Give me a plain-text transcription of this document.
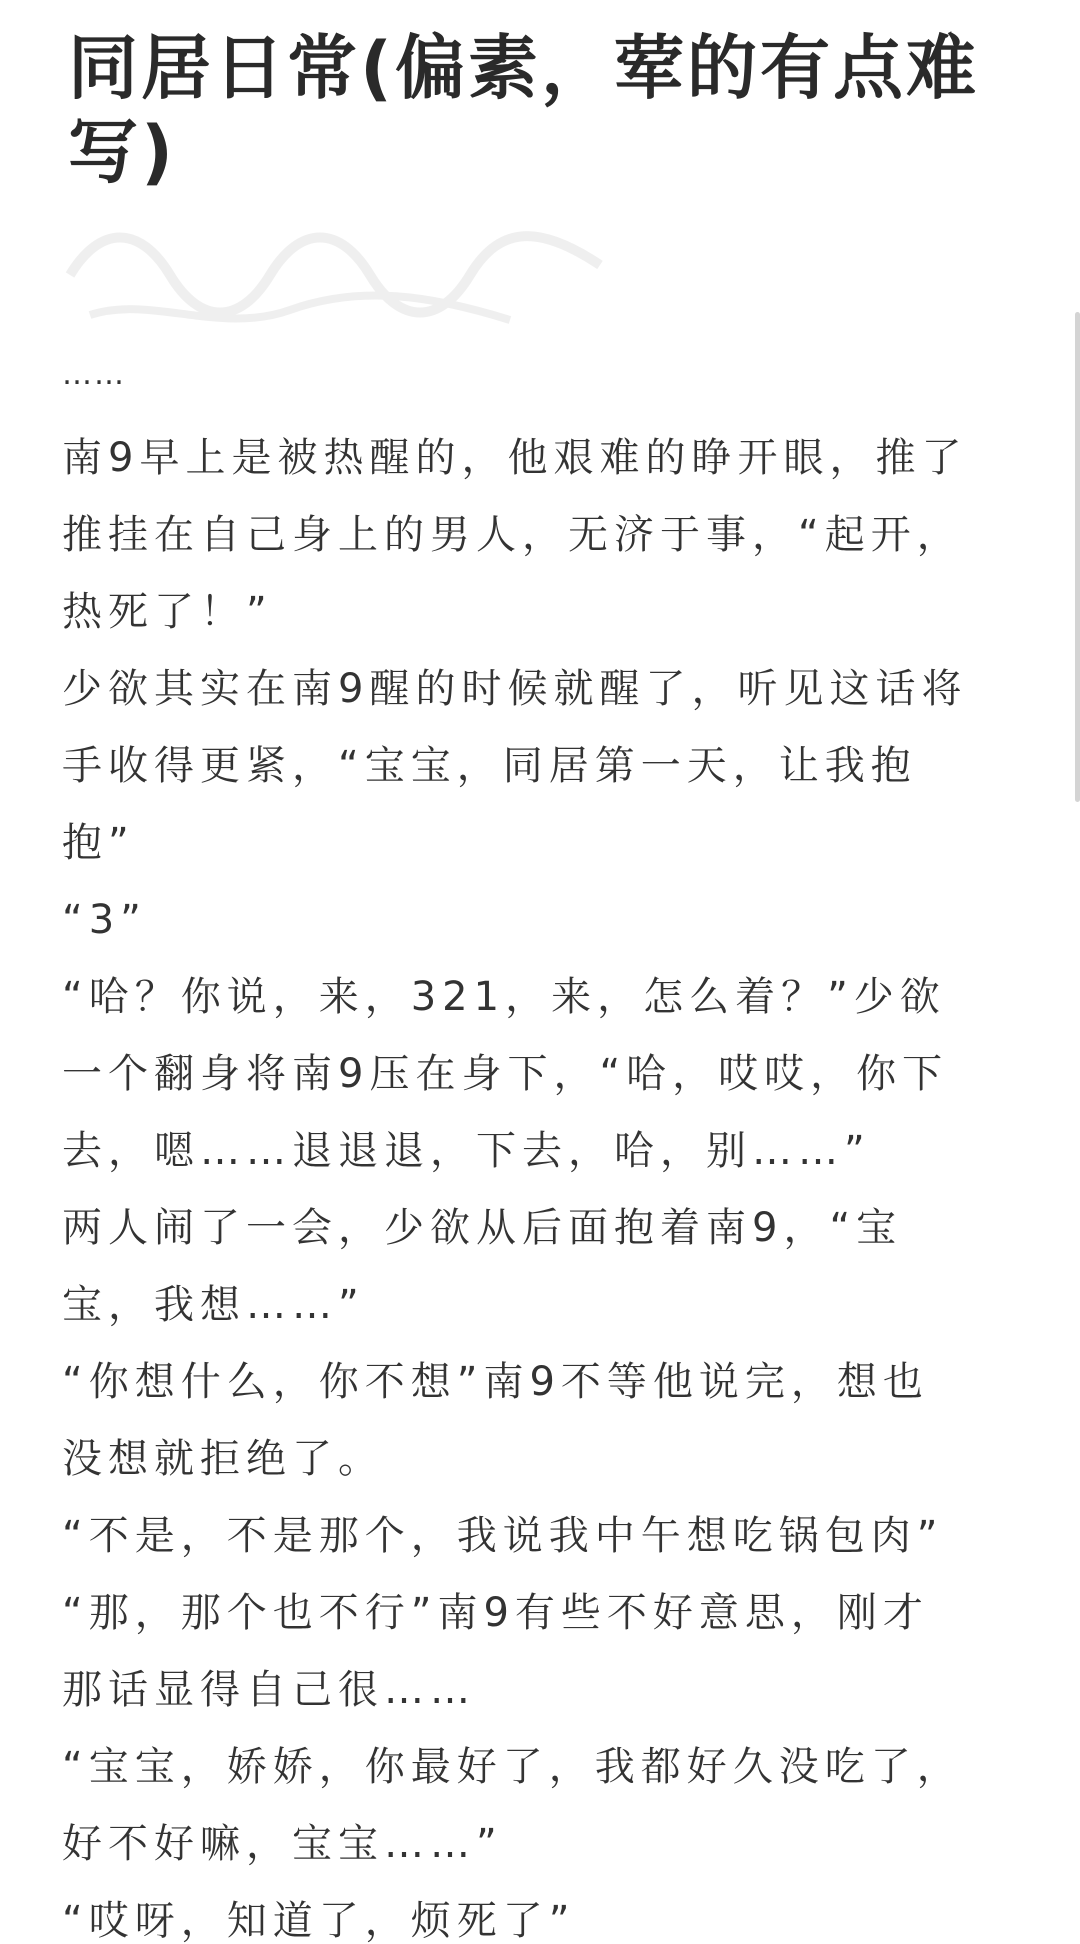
同居日常(偏素，荤的有点难写)
……
南9早上是被热醒的，他艰难的睁开眼，推了
推挂在自己身上的男人，无济于事，“起开，
热死了！”
少欲其实在南9醒的时候就醒了，听见这话将
手收得更紧，“宝宝，同居第一天，让我抱
抱”
“3”
“哈？你说，来，321，来，怎么着？”少欲
一个翻身将南9压在身下，“哈，哎哎，你下
去，嗯……退退退，下去，哈，别……”
两人闹了一会，少欲从后面抱着南9，“宝
宝，我想……”
“你想什么，你不想”南9不等他说完，想也
没想就拒绝了。
“不是，不是那个，我说我中午想吃锅包肉”
“那，那个也不行”南9有些不好意思，刚才
那话显得自己很……
“宝宝，娇娇，你最好了，我都好久没吃了，
好不好嘛，宝宝……”
“哎呀，知道了，烦死了”
